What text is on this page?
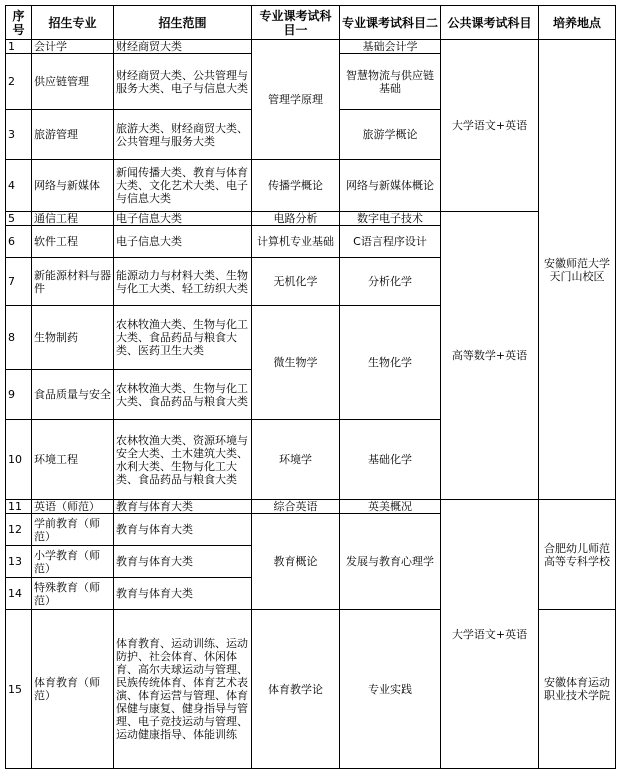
序号	招生专业	招生范围	专业课考试科目一	专业课考试科目二	公共课考试科目	培养地点
1	会计学	财经商贸大类	管理学原理	基础会计学	大学语文+英语	安徽师范大学天门山校区
2	供应链管理	财经商贸大类、公共管理与服务大类、电子与信息大类		智慧物流与供应链基础		
3	旅游管理	旅游大类、财经商贸大类、公共管理与服务大类		旅游学概论		
4	网络与新媒体	新闻传播大类、教育与体育大类、文化艺术大类、电子与信息大类	传播学概论	网络与新媒体概论		
5	通信工程	电子信息大类	电路分析	数字电子技术	高等数学+英语	
6	软件工程	电子信息大类	计算机专业基础	C语言程序设计		
7	新能源材料与器件	能源动力与材料大类、生物与化工大类、轻工纺织大类	无机化学	分析化学		
8	生物制药	农林牧渔大类、生物与化工大类、食品药品与粮食大类、医药卫生大类	微生物学	生物化学		
9	食品质量与安全	农林牧渔大类、生物与化工大类、食品药品与粮食大类				
10	环境工程	农林牧渔大类、资源环境与安全大类、土木建筑大类、水利大类、生物与化工大类、食品药品与粮食大类	环境学	基础化学		
11	英语（师范）	教育与体育大类	综合英语	英美概况	大学语文+英语	合肥幼儿师范高等专科学校
12	学前教育（师范）	教育与体育大类	教育概论	发展与教育心理学		
13	小学教育（师范）	教育与体育大类				
14	特殊教育（师范）	教育与体育大类				
15	体育教育（师范）	体育教育、运动训练、运动防护、社会体育、休闲体育、高尔夫球运动与管理、民族传统体育、体育艺术表演、体育运营与管理、体育保健与康复、健身指导与管理、电子竞技运动与管理、运动健康指导、体能训练	体育教学论	专业实践		安徽体育运动职业技术学院
